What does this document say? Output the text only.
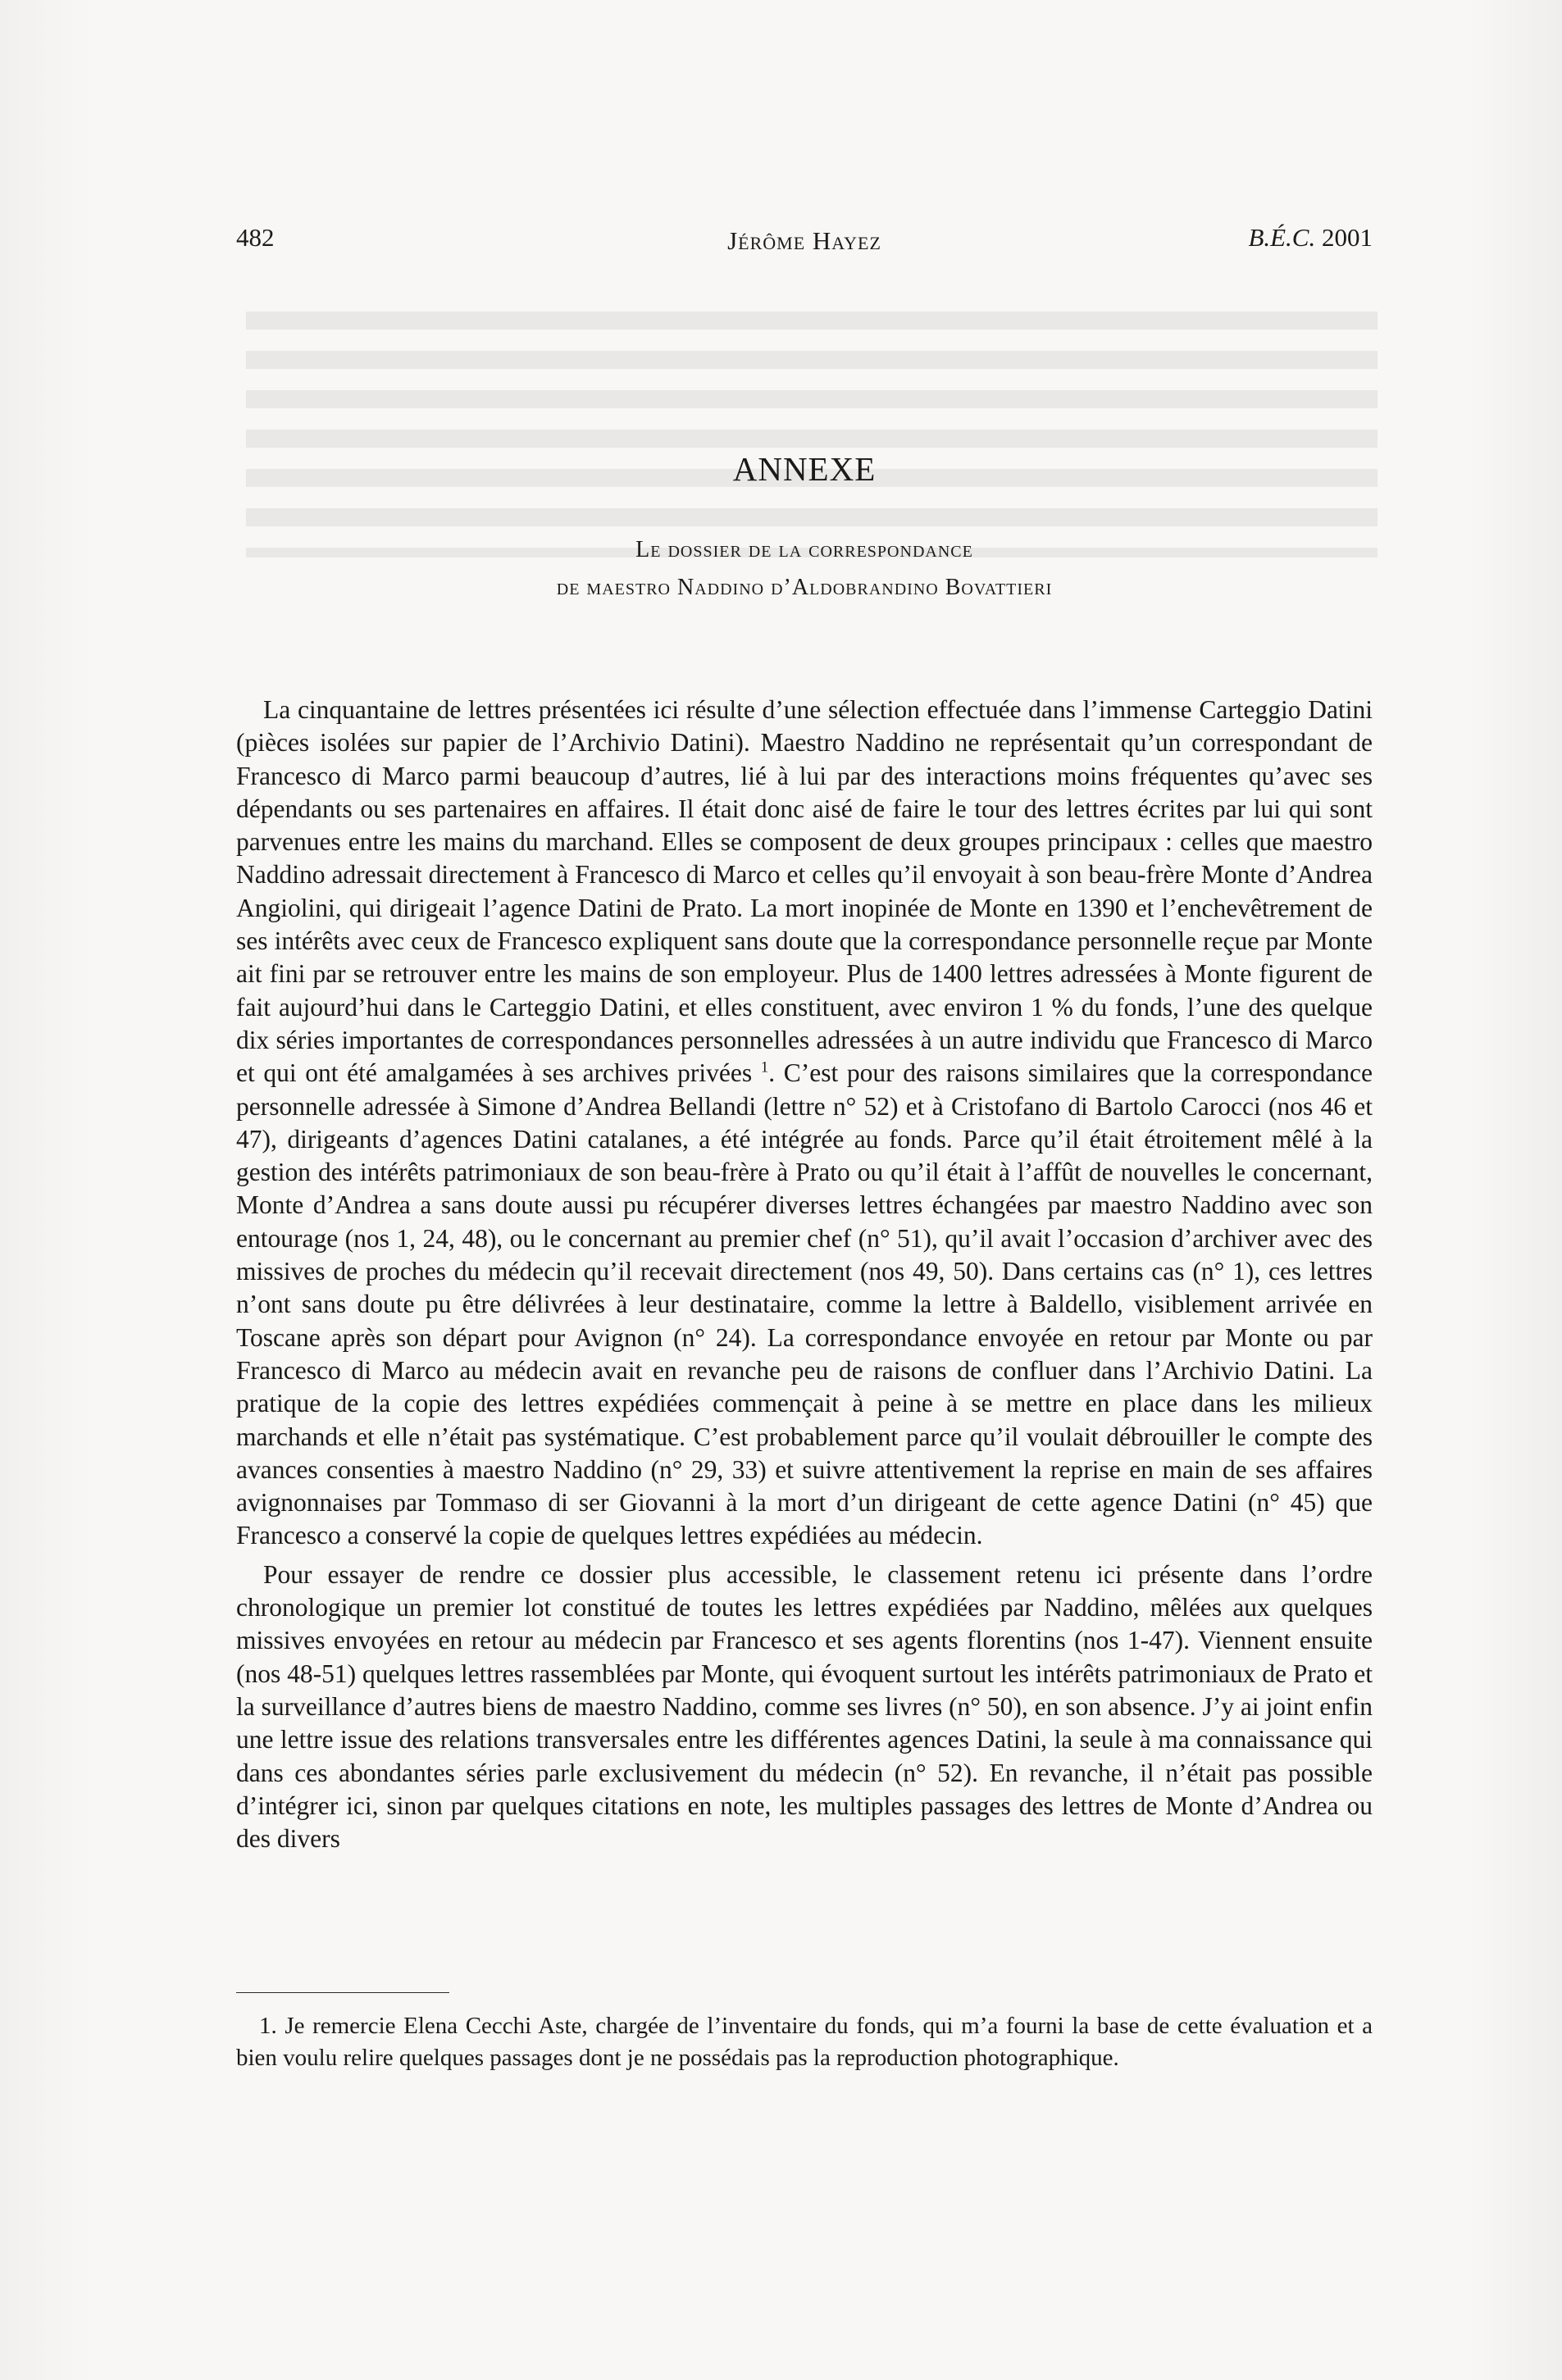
482	Jérôme Hayez	B.É.C. 2001
ANNEXE
Le dossier de la correspondance
de maestro Naddino d’Aldobrandino Bovattieri

La cinquantaine de lettres présentées ici résulte d’une sélection effectuée dans l’immense Carteggio Datini (pièces isolées sur papier de l’Archivio Datini). Maestro Naddino ne représentait qu’un correspondant de Francesco di Marco parmi beaucoup d’autres, lié à lui par des interactions moins fréquentes qu’avec ses dépendants ou ses partenaires en affaires. Il était donc aisé de faire le tour des lettres écrites par lui qui sont parvenues entre les mains du marchand. Elles se composent de deux groupes principaux : celles que maestro Naddino adressait directement à Francesco di Marco et celles qu’il envoyait à son beau-frère Monte d’Andrea Angiolini, qui dirigeait l’agence Datini de Prato. La mort inopinée de Monte en 1390 et l’enchevêtrement de ses intérêts avec ceux de Francesco expliquent sans doute que la correspondance personnelle reçue par Monte ait fini par se retrouver entre les mains de son employeur. Plus de 1400 lettres adressées à Monte figurent de fait aujourd’hui dans le Carteggio Datini, et elles constituent, avec environ 1 % du fonds, l’une des quelque dix séries importantes de correspondances personnelles adressées à un autre individu que Francesco di Marco et qui ont été amalgamées à ses archives privées $^1$. C’est pour des raisons similaires que la correspondance personnelle adressée à Simone d’Andrea Bellandi (lettre n° 52) et à Cristofano di Bartolo Carocci (nos 46 et 47), dirigeants d’agences Datini catalanes, a été intégrée au fonds. Parce qu’il était étroitement mêlé à la gestion des intérêts patrimoniaux de son beau-frère à Prato ou qu’il était à l’affût de nouvelles le concernant, Monte d’Andrea a sans doute aussi pu récupérer diverses lettres échangées par maestro Naddino avec son entourage (nos 1, 24, 48), ou le concernant au premier chef (n° 51), qu’il avait l’occasion d’archiver avec des missives de proches du médecin qu’il recevait directement (nos 49, 50). Dans certains cas (n° 1), ces lettres n’ont sans doute pu être délivrées à leur destinataire, comme la lettre à Baldello, visiblement arrivée en Toscane après son départ pour Avignon (n° 24). La correspondance envoyée en retour par Monte ou par Francesco di Marco au médecin avait en revanche peu de raisons de confluer dans l’Archivio Datini. La pratique de la copie des lettres expédiées commençait à peine à se mettre en place dans les milieux marchands et elle n’était pas systématique. C’est probablement parce qu’il voulait débrouiller le compte des avances consenties à maestro Naddino (n° 29, 33) et suivre attentivement la reprise en main de ses affaires avignonnaises par Tommaso di ser Giovanni à la mort d’un dirigeant de cette agence Datini (n° 45) que Francesco a conservé la copie de quelques lettres expédiées au médecin.

Pour essayer de rendre ce dossier plus accessible, le classement retenu ici présente dans l’ordre chronologique un premier lot constitué de toutes les lettres expédiées par Naddino, mêlées aux quelques missives envoyées en retour au médecin par Francesco et ses agents florentins (nos 1-47). Viennent ensuite (nos 48-51) quelques lettres rassemblées par Monte, qui évoquent surtout les intérêts patrimoniaux de Prato et la surveillance d’autres biens de maestro Naddino, comme ses livres (n° 50), en son absence. J’y ai joint enfin une lettre issue des relations transversales entre les différentes agences Datini, la seule à ma connaissance qui dans ces abondantes séries parle exclusivement du médecin (n° 52). En revanche, il n’était pas possible d’intégrer ici, sinon par quelques citations en note, les multiples passages des lettres de Monte d’Andrea ou des divers

1. Je remercie Elena Cecchi Aste, chargée de l’inventaire du fonds, qui m’a fourni la base de cette évaluation et a bien voulu relire quelques passages dont je ne possédais pas la reproduction photographique.
